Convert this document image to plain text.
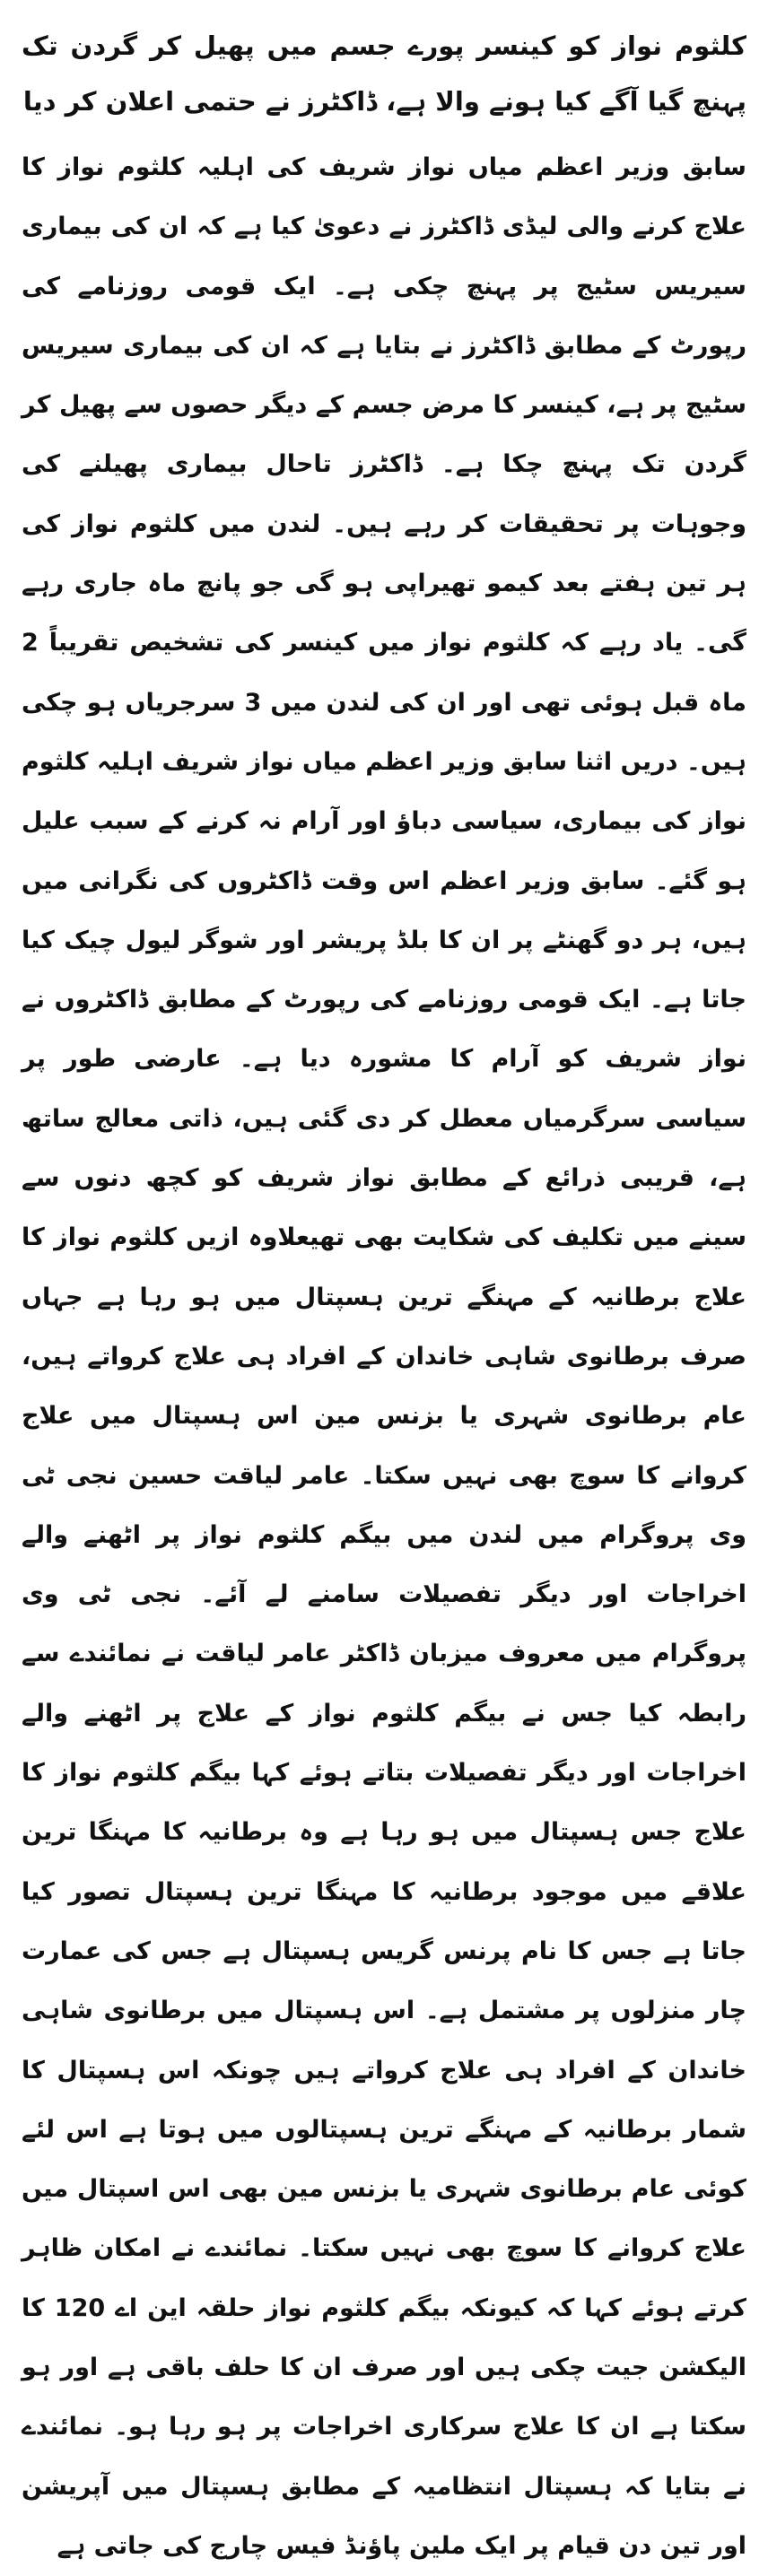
کلثوم نواز کو کینسر پورے جسم میں پھیل کر گردن تک پہنچ گیا آگے کیا ہونے والا ہے، ڈاکٹرز نے حتمی اعلان کر دیا

سابق وزیر اعظم میاں نواز شریف کی اہلیہ کلثوم نواز کا علاج کرنے والی لیڈی ڈاکٹرز نے دعویٰ کیا ہے کہ ان کی بیماری سیریس سٹیج پر پہنچ چکی ہے۔ ایک قومی روزنامے کی رپورٹ کے مطابق ڈاکٹرز نے بتایا ہے کہ ان کی بیماری سیریس سٹیج پر ہے، کینسر کا مرض جسم کے دیگر حصوں سے پھیل کر گردن تک پہنچ چکا ہے۔ ڈاکٹرز تاحال بیماری پھیلنے کی وجوہات پر تحقیقات کر رہے ہیں۔ لندن میں کلثوم نواز کی ہر تین ہفتے بعد کیمو تھیراپی ہو گی جو پانچ ماہ جاری رہے گی۔ یاد رہے کہ کلثوم نواز میں کینسر کی تشخیص تقریباً 2 ماہ قبل ہوئی تھی اور ان کی لندن میں 3 سرجریاں ہو چکی ہیں۔ دریں اثنا سابق وزیر اعظم میاں نواز شریف اہلیہ کلثوم نواز کی بیماری، سیاسی دباؤ اور آرام نہ کرنے کے سبب علیل ہو گئے۔ سابق وزیر اعظم اس وقت ڈاکٹروں کی نگرانی میں ہیں، ہر دو گھنٹے پر ان کا بلڈ پریشر اور شوگر لیول چیک کیا جاتا ہے۔ ایک قومی روزنامے کی رپورٹ کے مطابق ڈاکٹروں نے نواز شریف کو آرام کا مشورہ دیا ہے۔ عارضی طور پر سیاسی سرگرمیاں معطل کر دی گئی ہیں، ذاتی معالج ساتھ ہے، قریبی ذرائع کے مطابق نواز شریف کو کچھ دنوں سے سینے میں تکلیف کی شکایت بھی تھیعلاوہ ازیں کلثوم نواز کا علاج برطانیہ کے مہنگے ترین ہسپتال میں ہو رہا ہے جہاں صرف برطانوی شاہی خاندان کے افراد ہی علاج کرواتے ہیں، عام برطانوی شہری یا بزنس مین اس ہسپتال میں علاج کروانے کا سوچ بھی نہیں سکتا۔ عامر لیاقت حسین نجی ٹی وی پروگرام میں لندن میں بیگم کلثوم نواز پر اٹھنے والے اخراجات اور دیگر تفصیلات سامنے لے آئے۔ نجی ٹی وی پروگرام میں معروف میزبان ڈاکٹر عامر لیاقت نے نمائندے سے رابطہ کیا جس نے بیگم کلثوم نواز کے علاج پر اٹھنے والے اخراجات اور دیگر تفصیلات بتاتے ہوئے کہا بیگم کلثوم نواز کا علاج جس ہسپتال میں ہو رہا ہے وہ برطانیہ کا مہنگا ترین علاقے میں موجود برطانیہ کا مہنگا ترین ہسپتال تصور کیا جاتا ہے جس کا نام پرنس گریس ہسپتال ہے جس کی عمارت چار منزلوں پر مشتمل ہے۔ اس ہسپتال میں برطانوی شاہی خاندان کے افراد ہی علاج کرواتے ہیں چونکہ اس ہسپتال کا شمار برطانیہ کے مہنگے ترین ہسپتالوں میں ہوتا ہے اس لئے کوئی عام برطانوی شہری یا بزنس مین بھی اس اسپتال میں علاج کروانے کا سوچ بھی نہیں سکتا۔ نمائندے نے امکان ظاہر کرتے ہوئے کہا کہ کیونکہ بیگم کلثوم نواز حلقہ این اے 120 کا الیکشن جیت چکی ہیں اور صرف ان کا حلف باقی ہے اور ہو سکتا ہے ان کا علاج سرکاری اخراجات پر ہو رہا ہو۔ نمائندے نے بتایا کہ ہسپتال انتظامیہ کے مطابق ہسپتال میں آپریشن اور تین دن قیام پر ایک ملین پاؤنڈ فیس چارج کی جاتی ہے
